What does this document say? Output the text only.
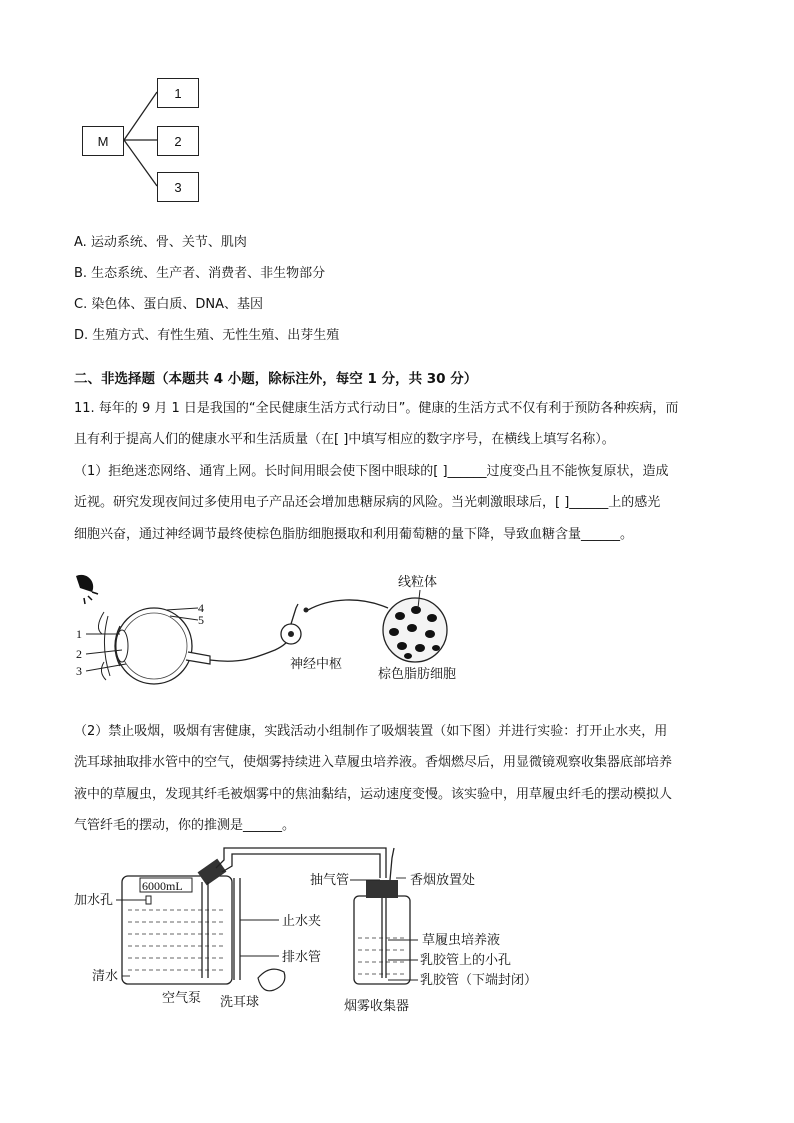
M
1
2
3
A. 运动系统、骨、关节、肌肉
B. 生态系统、生产者、消费者、非生物部分
C. 染色体、蛋白质、DNA、基因
D. 生殖方式、有性生殖、无性生殖、出芽生殖
二、非选择题（本题共 4 小题，除标注外，每空 1 分，共 30 分）
11. 每年的 9 月 1 日是我国的“全民健康生活方式行动日”。健康的生活方式不仅有利于预防各种疾病，而
且有利于提高人们的健康水平和生活质量（在[ ]中填写相应的数字序号，在横线上填写名称）。
（1）拒绝迷恋网络、通宵上网。长时间用眼会使下图中眼球的[ ]______过度变凸且不能恢复原状，造成
近视。研究发现夜间过多使用电子产品还会增加患糖尿病的风险。当光刺激眼球后，[ ]______上的感光
细胞兴奋，通过神经调节最终使棕色脂肪细胞摄取和利用葡萄糖的量下降，导致血糖含量______。
1
2
3
4
5
线粒体
神经中枢
棕色脂肪细胞
（2）禁止吸烟，吸烟有害健康，实践活动小组制作了吸烟装置（如下图）并进行实验：打开止水夹，用
洗耳球抽取排水管中的空气，使烟雾持续进入草履虫培养液。香烟燃尽后，用显微镜观察收集器底部培养
液中的草履虫，发现其纤毛被烟雾中的焦油黏结，运动速度变慢。该实验中，用草履虫纤毛的摆动模拟人
气管纤毛的摆动，你的推测是______。
6000mL
加水孔
清水
空气泵 洗耳球
止水夹
排水管
抽气管	香烟放置处
草履虫培养液
乳胶管上的小孔
乳胶管（下端封闭）
烟雾收集器
